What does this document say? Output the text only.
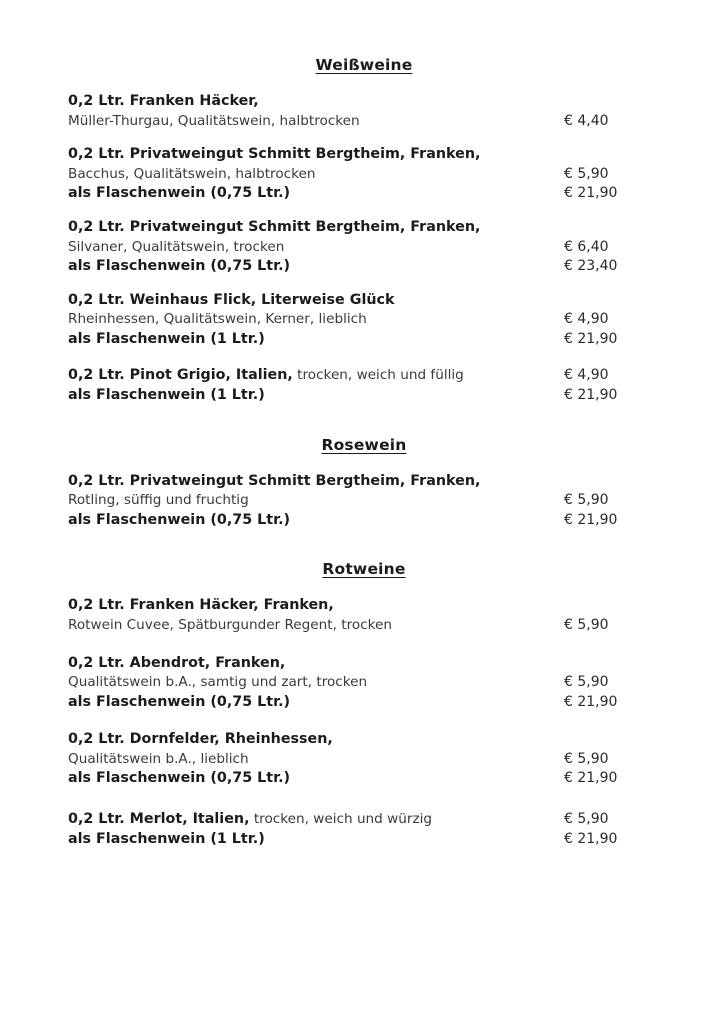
Weißweine
0,2 Ltr. Franken Häcker,
Müller-Thurgau, Qualitätswein, halbtrocken	€ 4,40
0,2 Ltr. Privatweingut Schmitt Bergtheim, Franken,
Bacchus, Qualitätswein, halbtrocken	€ 5,90
als Flaschenwein (0,75 Ltr.)	€ 21,90
0,2 Ltr. Privatweingut Schmitt Bergtheim, Franken,
Silvaner, Qualitätswein, trocken	€ 6,40
als Flaschenwein (0,75 Ltr.)	€ 23,40
0,2 Ltr. Weinhaus Flick, Literweise Glück
Rheinhessen, Qualitätswein, Kerner, lieblich	€ 4,90
als Flaschenwein (1 Ltr.)	€ 21,90
0,2 Ltr. Pinot Grigio, Italien, trocken, weich und füllig	€ 4,90
als Flaschenwein (1 Ltr.)	€ 21,90
Rosewein
0,2 Ltr. Privatweingut Schmitt Bergtheim, Franken,
Rotling, süffig und fruchtig	€ 5,90
als Flaschenwein (0,75 Ltr.)	€ 21,90
Rotweine
0,2 Ltr. Franken Häcker, Franken,
Rotwein Cuvee, Spätburgunder Regent, trocken	€ 5,90
0,2 Ltr. Abendrot, Franken,
Qualitätswein b.A., samtig und zart, trocken	€ 5,90
als Flaschenwein (0,75 Ltr.)	€ 21,90
0,2 Ltr. Dornfelder, Rheinhessen,
Qualitätswein b.A., lieblich	€ 5,90
als Flaschenwein (0,75 Ltr.)	€ 21,90
0,2 Ltr. Merlot, Italien, trocken, weich und würzig	€ 5,90
als Flaschenwein (1 Ltr.)	€ 21,90
